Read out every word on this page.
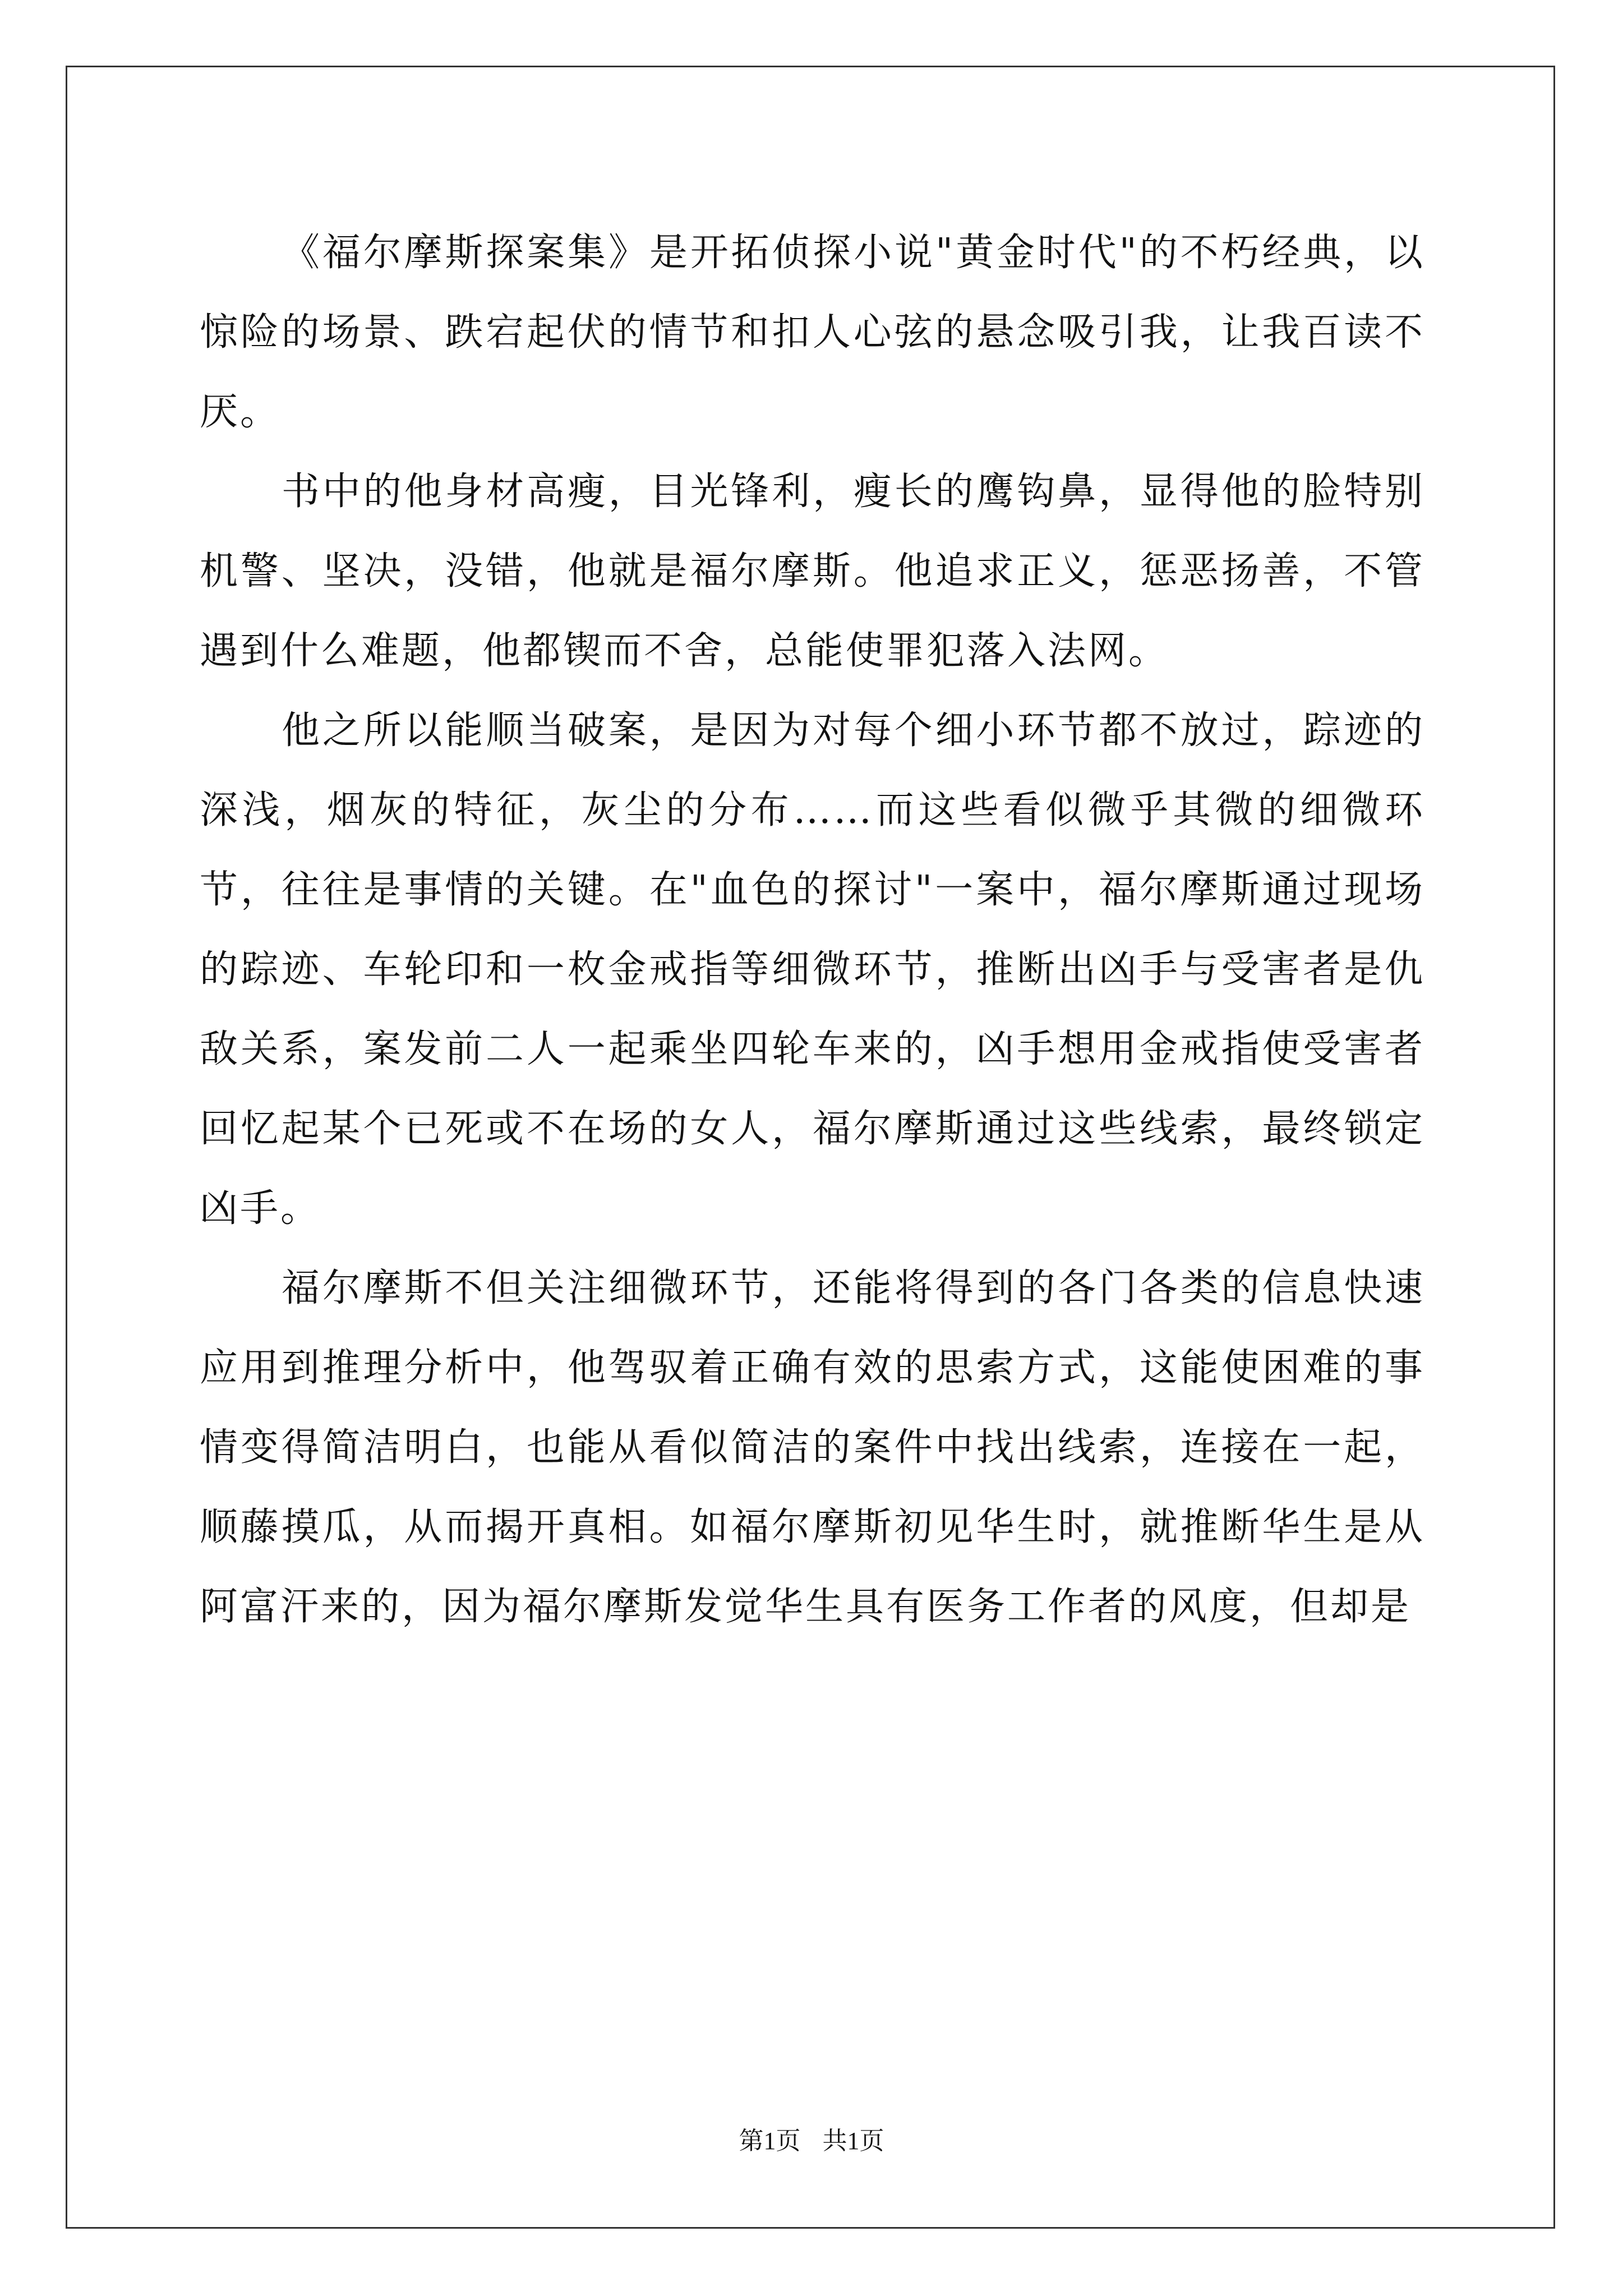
《福尔摩斯探案集》是开拓侦探小说"黄金时代"的不朽经典，以惊险的场景、跌宕起伏的情节和扣人心弦的悬念吸引我，让我百读不厌。

书中的他身材高瘦，目光锋利，瘦长的鹰钩鼻，显得他的脸特别机警、坚决，没错，他就是福尔摩斯。他追求正义，惩恶扬善，不管遇到什么难题，他都锲而不舍，总能使罪犯落入法网。

他之所以能顺当破案，是因为对每个细小环节都不放过，踪迹的深浅，烟灰的特征，灰尘的分布……而这些看似微乎其微的细微环节，往往是事情的关键。在"血色的探讨"一案中，福尔摩斯通过现场的踪迹、车轮印和一枚金戒指等细微环节，推断出凶手与受害者是仇敌关系，案发前二人一起乘坐四轮车来的，凶手想用金戒指使受害者回忆起某个已死或不在场的女人，福尔摩斯通过这些线索，最终锁定凶手。

福尔摩斯不但关注细微环节，还能将得到的各门各类的信息快速应用到推理分析中，他驾驭着正确有效的思索方式，这能使困难的事情变得简洁明白，也能从看似简洁的案件中找出线索，连接在一起，顺藤摸瓜，从而揭开真相。如福尔摩斯初见华生时，就推断华生是从阿富汗来的，因为福尔摩斯发觉华生具有医务工作者的风度，但却是

第1页 共1页
